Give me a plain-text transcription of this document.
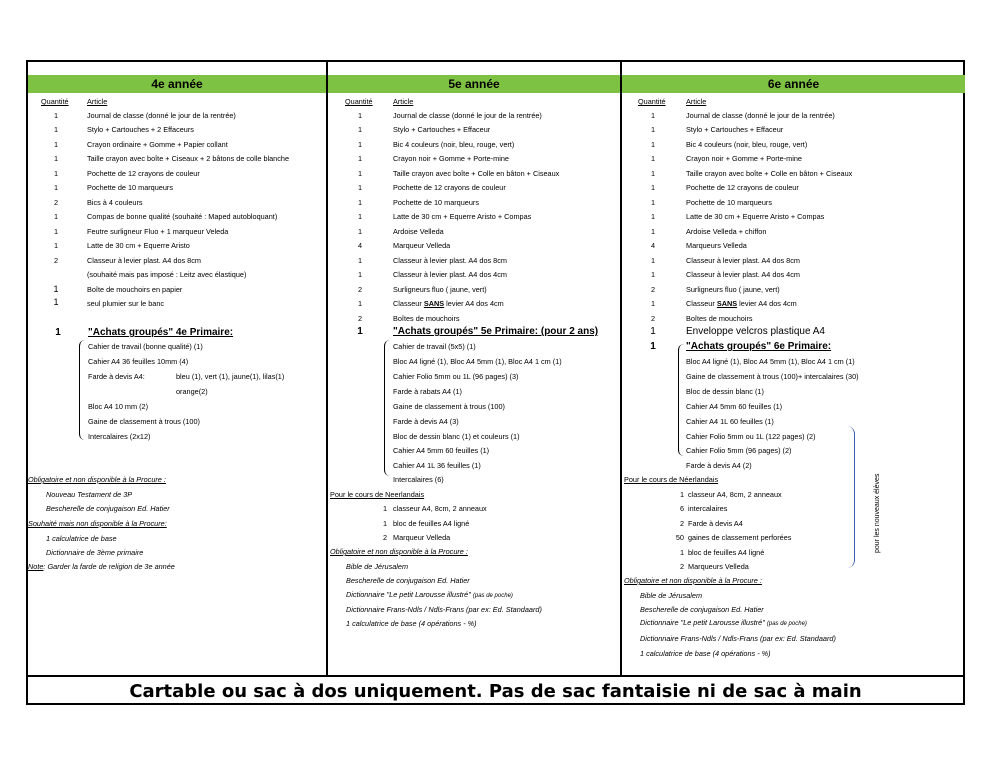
4e année
Quantité	Article
1	Journal de classe (donné le jour de la rentrée)
1	Stylo + Cartouches + 2 Effaceurs
1	Crayon ordinaire + Gomme + Papier collant
1	Taille crayon avec boîte + Ciseaux + 2 bâtons de colle blanche
1	Pochette de 12 crayons de couleur
1	Pochette de 10 marqueurs
2	Bics à 4 couleurs
1	Compas de bonne qualité (souhaité : Maped autobloquant)
1	Feutre surligneur Fluo + 1 marqueur Veleda
1	Latte de 30 cm + Equerre Aristo
2	Classeur à levier plast. A4 dos 8cm
(souhaité mais pas imposé : Leitz avec élastique)
1	Boîte de mouchoirs en papier
1	seul plumier sur le banc
1	"Achats groupés" 4e Primaire:
Cahier de travail (bonne qualité) (1)
Cahier A4 36 feuilles 10mm (4)
Farde à devis A4:	bleu (1), vert (1), jaune(1), lilas(1)
orange(2)
Bloc A4 10 mm (2)
Gaine de classement à trous (100)
Intercalaires (2x12)
Obligatoire et non disponible à la Procure :
Nouveau Testament de 3P
Bescherelle de conjugaison Ed. Hatier
Souhaité mais non disponible à la Procure:
1 calculatrice de base
Dictionnaire de 3ème primaire
Note: Garder la farde de religion de 3e année
5e année
Quantité	Article
1	Journal de classe (donné le jour de la rentrée)
1	Stylo + Cartouches + Effaceur
1	Bic 4 couleurs (noir, bleu, rouge, vert)
1	Crayon noir + Gomme + Porte-mine
1	Taille crayon avec boîte + Colle en bâton + Ciseaux
1	Pochette de 12 crayons de couleur
1	Pochette de 10 marqueurs
1	Latte de 30 cm + Equerre Aristo + Compas
1	Ardoise Velleda
4	Marqueur Velleda
1	Classeur à levier plast. A4 dos 8cm
1	Classeur à levier plast. A4 dos 4cm
2	Surligneurs fluo ( jaune, vert)
1	Classeur SANS levier A4 dos 4cm
2	Boîtes de mouchoirs
1	"Achats groupés" 5e Primaire: (pour 2 ans)
Cahier de travail (5x5) (1)
Bloc A4 ligné (1), Bloc A4 5mm (1), Bloc A4 1 cm (1)
Cahier Folio 5mm ou 1L (96 pages) (3)
Farde à rabats A4 (1)
Gaine de classement à trous (100)
Farde à devis A4 (3)
Bloc de dessin blanc (1) et couleurs (1)
Cahier A4 5mm 60 feuilles (1)
Cahier A4 1L 36 feuilles (1)
Intercalaires (6)
Pour le cours de Neerlandais
1 classeur A4, 8cm, 2 anneaux
1 bloc de feuilles A4 ligné
2 Marqueur Velleda
Obligatoire et non disponible à la Procure :
Bible de Jérusalem
Bescherelle de conjugaison Ed. Hatier
Dictionnaire "Le petit Larousse illustré" (pas de poche)
Dictionnaire Frans-Ndls / Ndls-Frans (par ex: Ed. Standaard)
1 calculatrice de base (4 opérations - %)
6e année
Quantité	Article
1	Journal de classe (donné le jour de la rentrée)
1	Stylo + Cartouches + Effaceur
1	Bic 4 couleurs (noir, bleu, rouge, vert)
1	Crayon noir + Gomme + Porte-mine
1	Taille crayon avec boîte + Colle en bâton + Ciseaux
1	Pochette de 12 crayons de couleur
1	Pochette de 10 marqueurs
1	Latte de 30 cm + Equerre Aristo + Compas
1	Ardoise Velleda + chiffon
4	Marqueurs Velleda
1	Classeur à levier plast. A4 dos 8cm
1	Classeur à levier plast. A4 dos 4cm
2	Surligneurs fluo ( jaune, vert)
1	Classeur SANS levier A4 dos 4cm
2	Boîtes de mouchoirs
1	Enveloppe velcros plastique A4
1	"Achats groupés" 6e Primaire:
Bloc A4 ligné (1), Bloc A4 5mm (1), Bloc A4 1 cm (1)
Gaine de classement à trous (100)+ intercalaires (30)
Bloc de dessin blanc (1)
Cahier A4 5mm 60 feuilles (1)
Cahier A4 1L 60 feuilles (1)
Cahier Folio 5mm ou 1L (122 pages) (2)
Cahier Folio 5mm (96 pages) (2)
Farde à devis A4 (2)
Pour le cours de Néerlandais
1 classeur A4, 8cm, 2 anneaux
6 intercalaires
2 Farde à devis A4
50 gaines de classement perforées
1 bloc de feuilles A4 ligné
2 Marqueurs Velleda
pour les nouveaux élèves
Obligatoire et non disponible à la Procure :
Bible de Jérusalem
Bescherelle de conjugaison Ed. Hatier
Dictionnaire "Le petit Larousse illustré" (pas de poche)
Dictionnaire Frans-Ndls / Ndls-Frans (par ex: Ed. Standaard)
1 calculatrice de base (4 opérations - %)
Cartable ou sac à dos uniquement. Pas de sac fantaisie ni de sac à main
